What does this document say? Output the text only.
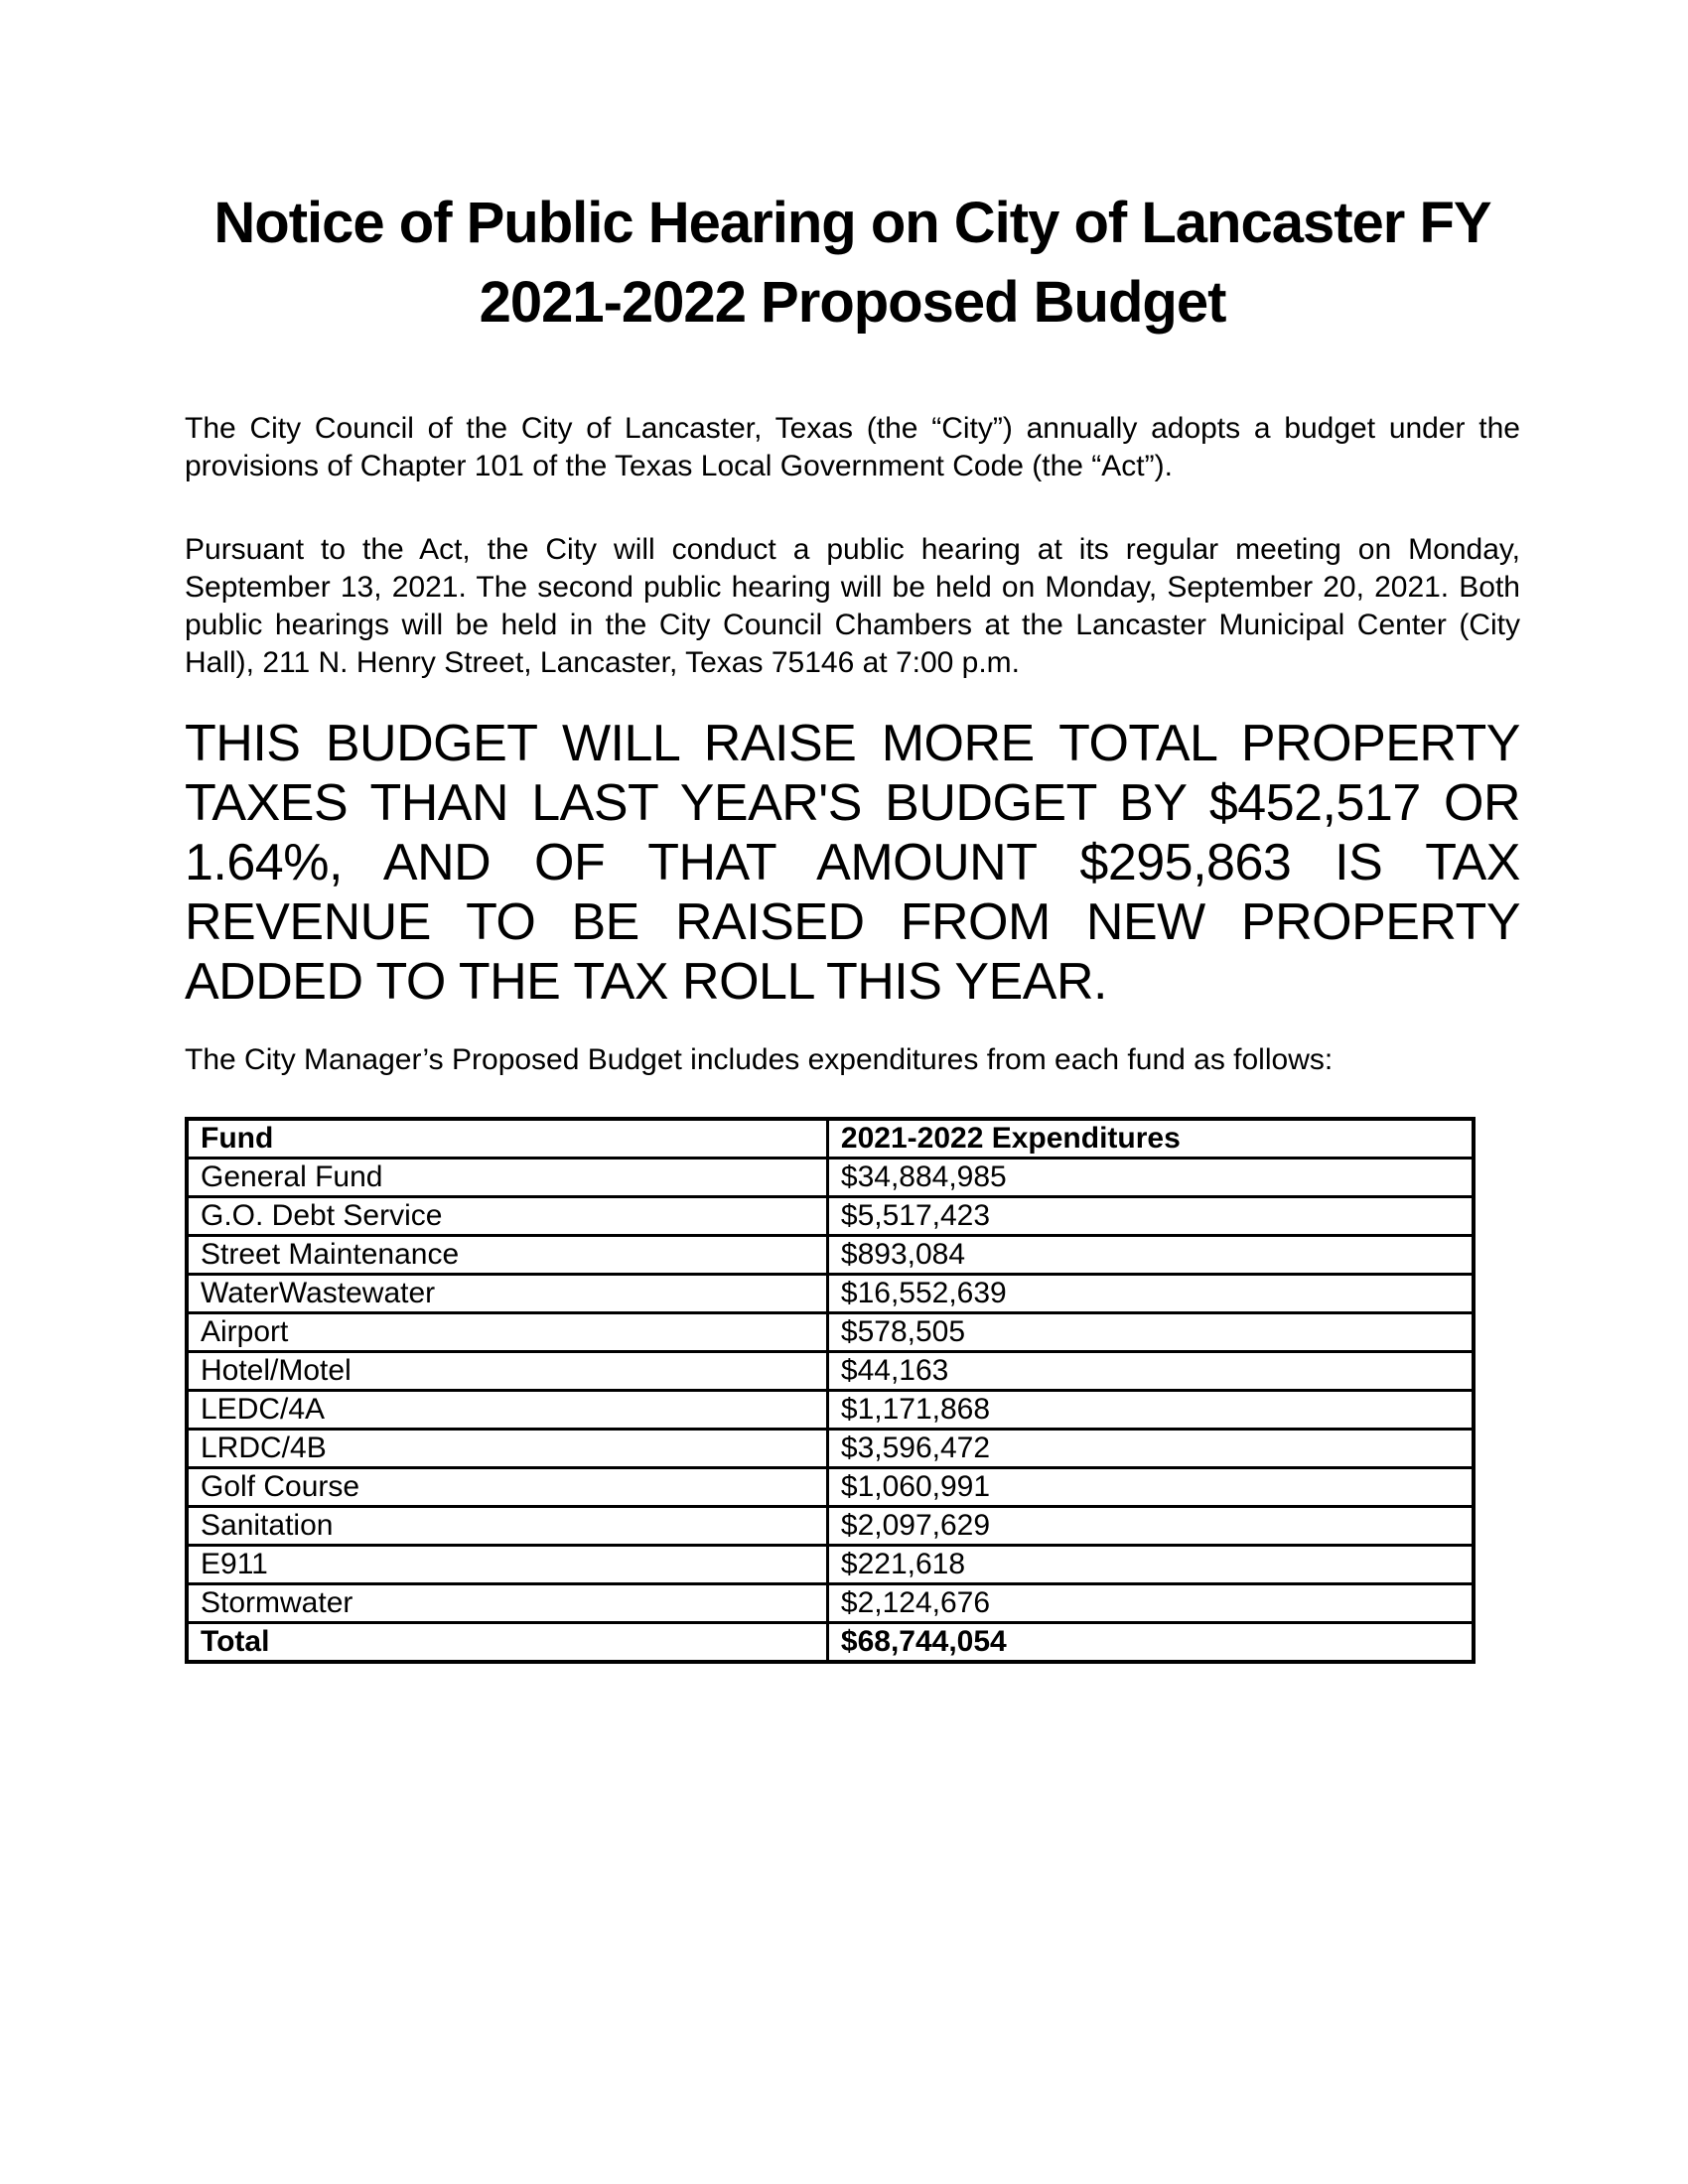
Notice of Public Hearing on City of Lancaster FY 2021-2022 Proposed Budget
The City Council of the City of Lancaster, Texas (the “City”) annually adopts a budget under the provisions of Chapter 101 of the Texas Local Government Code (the “Act”).
Pursuant to the Act, the City will conduct a public hearing at its regular meeting on Monday, September 13, 2021. The second public hearing will be held on Monday, September 20, 2021. Both public hearings will be held in the City Council Chambers at the Lancaster Municipal Center (City Hall), 211 N. Henry Street, Lancaster, Texas 75146 at 7:00 p.m.
THIS BUDGET WILL RAISE MORE TOTAL PROPERTY TAXES THAN LAST YEAR'S BUDGET BY $452,517 OR 1.64%, AND OF THAT AMOUNT $295,863 IS TAX REVENUE TO BE RAISED FROM NEW PROPERTY ADDED TO THE TAX ROLL THIS YEAR.
The City Manager’s Proposed Budget includes expenditures from each fund as follows:
Fund	2021-2022 Expenditures
General Fund	$34,884,985
G.O. Debt Service	$5,517,423
Street Maintenance	$893,084
WaterWastewater	$16,552,639
Airport	$578,505
Hotel/Motel	$44,163
LEDC/4A	$1,171,868
LRDC/4B	$3,596,472
Golf Course	$1,060,991
Sanitation	$2,097,629
E911	$221,618
Stormwater	$2,124,676
Total	$68,744,054
